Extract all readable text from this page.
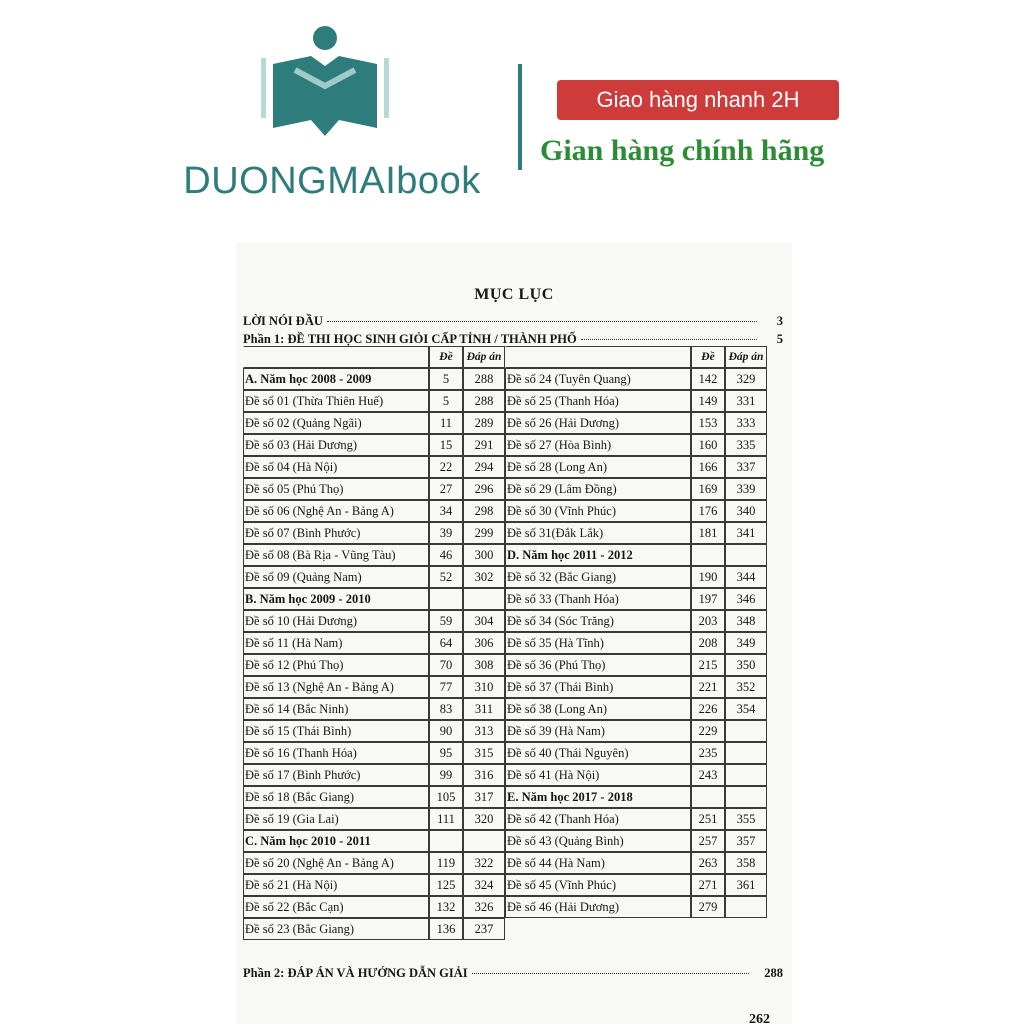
DUONGMAIbook
Giao hàng nhanh 2H
Gian hàng chính hãng
MỤC LỤC
LỜI NÓI ĐẦU	3
Phần 1: ĐỀ THI HỌC SINH GIỎI CẤP TỈNH / THÀNH PHỐ	5
Đề	Đáp án
A. Năm học 2008 - 2009	5	288
Đề số 01 (Thừa Thiên Huế)	5	288
Đề số 02 (Quảng Ngãi)	11	289
Đề số 03 (Hải Dương)	15	291
Đề số 04 (Hà Nội)	22	294
Đề số 05 (Phú Thọ)	27	296
Đề số 06 (Nghệ An - Bảng A)	34	298
Đề số 07 (Bình Phước)	39	299
Đề số 08 (Bà Rịa - Vũng Tàu)	46	300
Đề số 09 (Quảng Nam)	52	302
B. Năm học 2009 - 2010
Đề số 10 (Hải Dương)	59	304
Đề số 11 (Hà Nam)	64	306
Đề số 12 (Phú Thọ)	70	308
Đề số 13 (Nghệ An - Bảng A)	77	310
Đề số 14 (Bắc Ninh)	83	311
Đề số 15 (Thái Bình)	90	313
Đề số 16 (Thanh Hóa)	95	315
Đề số 17 (Bình Phước)	99	316
Đề số 18 (Bắc Giang)	105	317
Đề số 19 (Gia Lai)	111	320
C. Năm học 2010 - 2011
Đề số 20 (Nghệ An - Bảng A)	119	322
Đề số 21 (Hà Nội)	125	324
Đề số 22 (Bắc Cạn)	132	326
Đề số 23 (Bắc Giang)	136	237
Đề	Đáp án
Đề số 24 (Tuyên Quang)	142	329
Đề số 25 (Thanh Hóa)	149	331
Đề số 26 (Hải Dương)	153	333
Đề số 27 (Hòa Bình)	160	335
Đề số 28 (Long An)	166	337
Đề số 29 (Lâm Đồng)	169	339
Đề số 30 (Vĩnh Phúc)	176	340
Đề số 31(Đắk Lắk)	181	341
D. Năm học 2011 - 2012
Đề số 32 (Bắc Giang)	190	344
Đề số 33 (Thanh Hóa)	197	346
Đề số 34 (Sóc Trăng)	203	348
Đề số 35 (Hà Tĩnh)	208	349
Đề số 36 (Phú Thọ)	215	350
Đề số 37 (Thái Bình)	221	352
Đề số 38 (Long An)	226	354
Đề số 39 (Hà Nam)	229
Đề số 40 (Thái Nguyên)	235
Đề số 41 (Hà Nội)	243
E. Năm học 2017 - 2018
Đề số 42 (Thanh Hóa)	251	355
Đề số 43 (Quảng Bình)	257	357
Đề số 44 (Hà Nam)	263	358
Đề số 45 (Vĩnh Phúc)	271	361
Đề số 46 (Hải Dương)	279
Phần 2: ĐÁP ÁN VÀ HƯỚNG DẪN GIẢI	288
262
